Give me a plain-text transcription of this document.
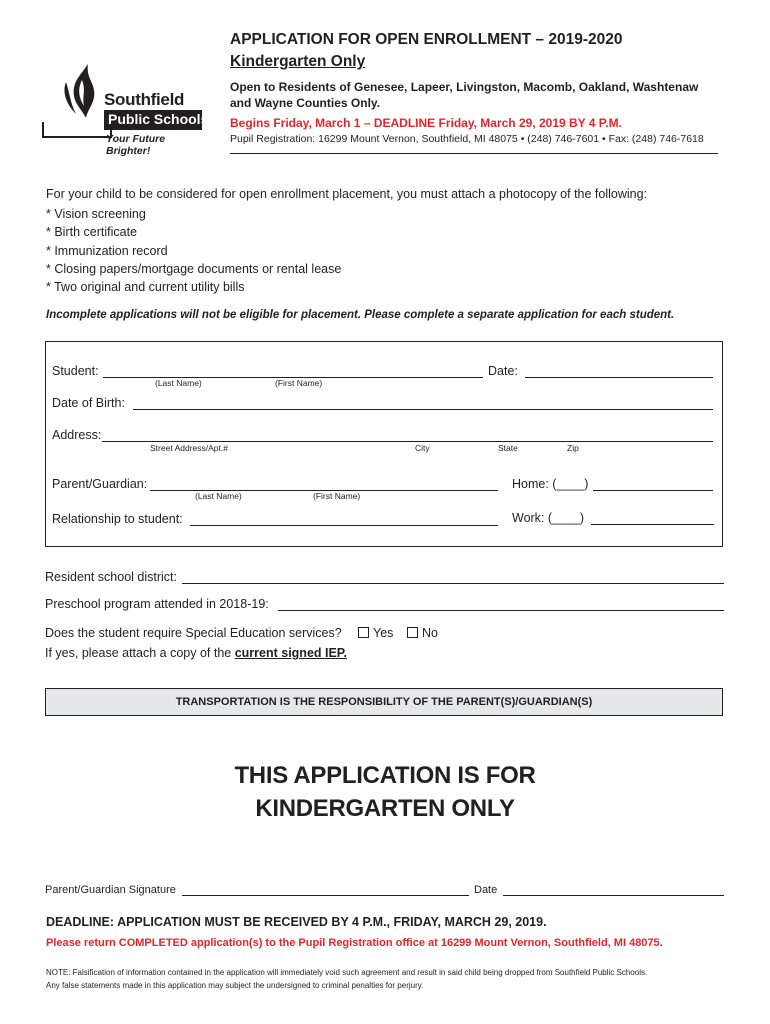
Southfield
Public Schools
Your Future Brighter!
APPLICATION FOR OPEN ENROLLMENT – 2019-2020
Kindergarten Only
Open to Residents of Genesee, Lapeer, Livingston, Macomb, Oakland, Washtenaw
and Wayne Counties Only.
Begins Friday, March 1 – DEADLINE Friday, March 29, 2019 BY 4 P.M.
Pupil Registration: 16299 Mount Vernon, Southfield, MI 48075 • (248) 746-7601 • Fax: (248) 746-7618
For your child to be considered for open enrollment placement, you must attach a photocopy of the following:
* Vision screening
* Birth certificate
* Immunization record
* Closing papers/mortgage documents or rental lease
* Two original and current utility bills
Incomplete applications will not be eligible for placement. Please complete a separate application for each student.
Student:
(Last Name)	(First Name)
Date:
Date of Birth:
Address:
Street Address/Apt.#	City	State	Zip
Parent/Guardian:
(Last Name)	(First Name)
Home: (____)
Relationship to student:	Work: (____)
Resident school district:
Preschool program attended in 2018-19:
Does the student require Special Education services?	Yes	No
If yes, please attach a copy of the current signed IEP.
TRANSPORTATION IS THE RESPONSIBILITY OF THE PARENT(S)/GUARDIAN(S)
THIS APPLICATION IS FOR
KINDERGARTEN ONLY
Parent/Guardian Signature	Date
DEADLINE: APPLICATION MUST BE RECEIVED BY 4 P.M., FRIDAY, MARCH 29, 2019.
Please return COMPLETED application(s) to the Pupil Registration office at 16299 Mount Vernon, Southfield, MI 48075.
NOTE: Falsification of information contained in the application will immediately void such agreement and result in said child being dropped from Southfield Public Schools.
Any false statements made in this application may subject the undersigned to criminal penalties for perjury.
